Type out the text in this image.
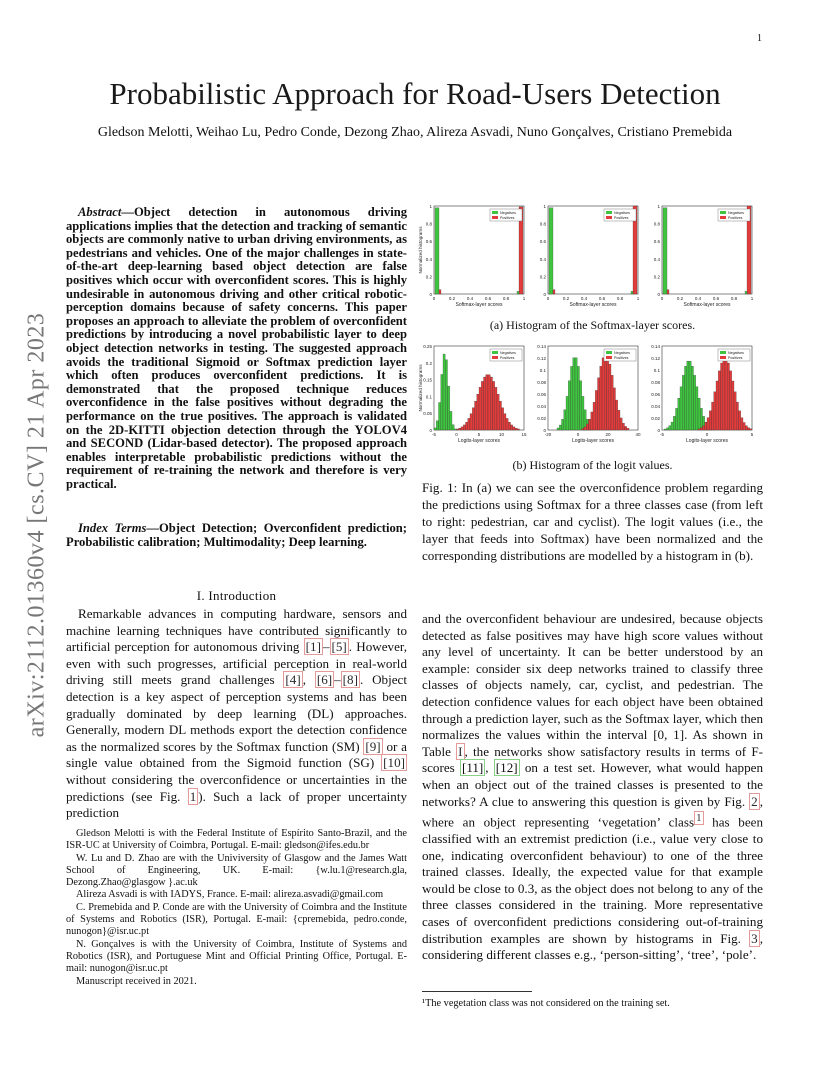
1
arXiv:2112.01360v4 [cs.CV] 21 Apr 2023
Probabilistic Approach for Road-Users Detection
Gledson Melotti, Weihao Lu, Pedro Conde, Dezong Zhao, Alireza Asvadi, Nuno Gonçalves, Cristiano Premebida
Abstract—Object detection in autonomous driving applications implies that the detection and tracking of semantic objects are commonly native to urban driving environments, as pedestrians and vehicles. One of the major challenges in state-of-the-art deep-learning based object detection are false positives which occur with overconfident scores. This is highly undesirable in autonomous driving and other critical robotic-perception domains because of safety concerns. This paper proposes an approach to alleviate the problem of overconfident predictions by introducing a novel probabilistic layer to deep object detection networks in testing. The suggested approach avoids the traditional Sigmoid or Softmax prediction layer which often produces overconfident predictions. It is demonstrated that the proposed technique reduces overconfidence in the false positives without degrading the performance on the true positives. The approach is validated on the 2D-KITTI objection detection through the YOLOV4 and SECOND (Lidar-based detector). The proposed approach enables interpretable probabilistic predictions without the requirement of re-training the network and therefore is very practical.
Index Terms—Object Detection; Overconfident prediction; Probabilistic calibration; Multimodality; Deep learning.
I. Introduction

Remarkable advances in computing hardware, sensors and machine learning techniques have contributed significantly to artificial perception for autonomous driving [1] – [5] . However, even with such progresses, artificial perception in real-world driving still meets grand challenges [4] , [6] – [8] . Object detection is a key aspect of perception systems and has been gradually dominated by deep learning (DL) approaches. Generally, modern DL methods export the detection confidence as the normalized scores by the Softmax function (SM) [9] or a single value obtained from the Sigmoid function (SG) [10] without considering the overconfidence or uncertainties in the predictions (see Fig. 1 ). Such a lack of proper uncertainty prediction

Gledson Melotti is with the Federal Institute of Espírito Santo-Brazil, and the ISR-UC at University of Coimbra, Portugal. E-mail: gledson@ifes.edu.br

W. Lu and D. Zhao are with the Univiversity of Glasgow and the James Watt School of Engineering, UK. E-mail: {w.lu.1@research.gla, Dezong.Zhao@glasgow }.ac.uk

Alireza Asvadi is with IADYS, France. E-mail: alireza.asvadi@gmail.com

C. Premebida and P. Conde are with the University of Coimbra and the Institute of Systems and Robotics (ISR), Portugal. E-mail: {cpremebida, pedro.conde, nunogon}@isr.uc.pt

N. Gonçalves is with the University of Coimbra, Institute of Systems and Robotics (ISR), and Portuguese Mint and Official Printing Office, Portugal. E-mail: nunogon@isr.uc.pt

Manuscript received in 2021.

0
0.2
0.4
0.6
0.8
1
0	0.2	0.4	0.6	0.8	1
Softmax-layer scores
Normalized histograms
Negatives
Positives
0
0.2
0.4
0.6
0.8
1
0	0.2	0.4	0.6	0.8	1
Softmax-layer scores
Negatives
Positives
0
0.2
0.4
0.6
0.8
1
0	0.2	0.4	0.6	0.8	1
Softmax-layer scores
Negatives
Positives
(a) Histogram of the Softmax-layer scores.
0
0.05
0.1
0.15
0.2
0.25
-5	0	5	10	15
Logits-layer scores
Normalized histograms
Negatives
Positives
0
0.02
0.04
0.06
0.08
0.1
0.12
0.14
-20	0	20	40
Logits-layer scores
Negatives
Positives
0
0.02
0.04
0.06
0.08
0.1
0.12
0.14
-5	0	5
Logits-layer scores
Negatives
Positives
(b) Histogram of the logit values.
Fig. 1: In (a) we can see the overconfidence problem regarding the predictions using Softmax for a three classes case (from left to right: pedestrian, car and cyclist). The logit values (i.e., the layer that feeds into Softmax) have been normalized and the corresponding distributions are modelled by a histogram in (b).

and the overconfident behaviour are undesired, because objects detected as false positives may have high score values without any level of uncertainty. It can be better understood by an example: consider six deep networks trained to classify three classes of objects namely, car, cyclist, and pedestrian. The detection confidence values for each object have been obtained through a prediction layer, such as the Softmax layer, which then normalizes the values within the interval [0, 1]. As shown in Table I , the networks show satisfactory results in terms of F-scores [11] , [12] on a test set. However, what would happen when an object out of the trained classes is presented to the networks? A clue to answering this question is given by Fig. 2 , where an object representing ‘vegetation’ class $^1$ has been classified with an extremist prediction (i.e., value very close to one, indicating overconfident behaviour) to one of the three trained classes. Ideally, the expected value for that example would be close to 0.3, as the object does not belong to any of the three classes considered in the training. More representative cases of overconfident predictions considering out-of-training distribution examples are shown by histograms in Fig. 3 , considering different classes e.g., ‘person-sitting’, ‘tree’, ‘pole’.

¹The vegetation class was not considered on the training set.
